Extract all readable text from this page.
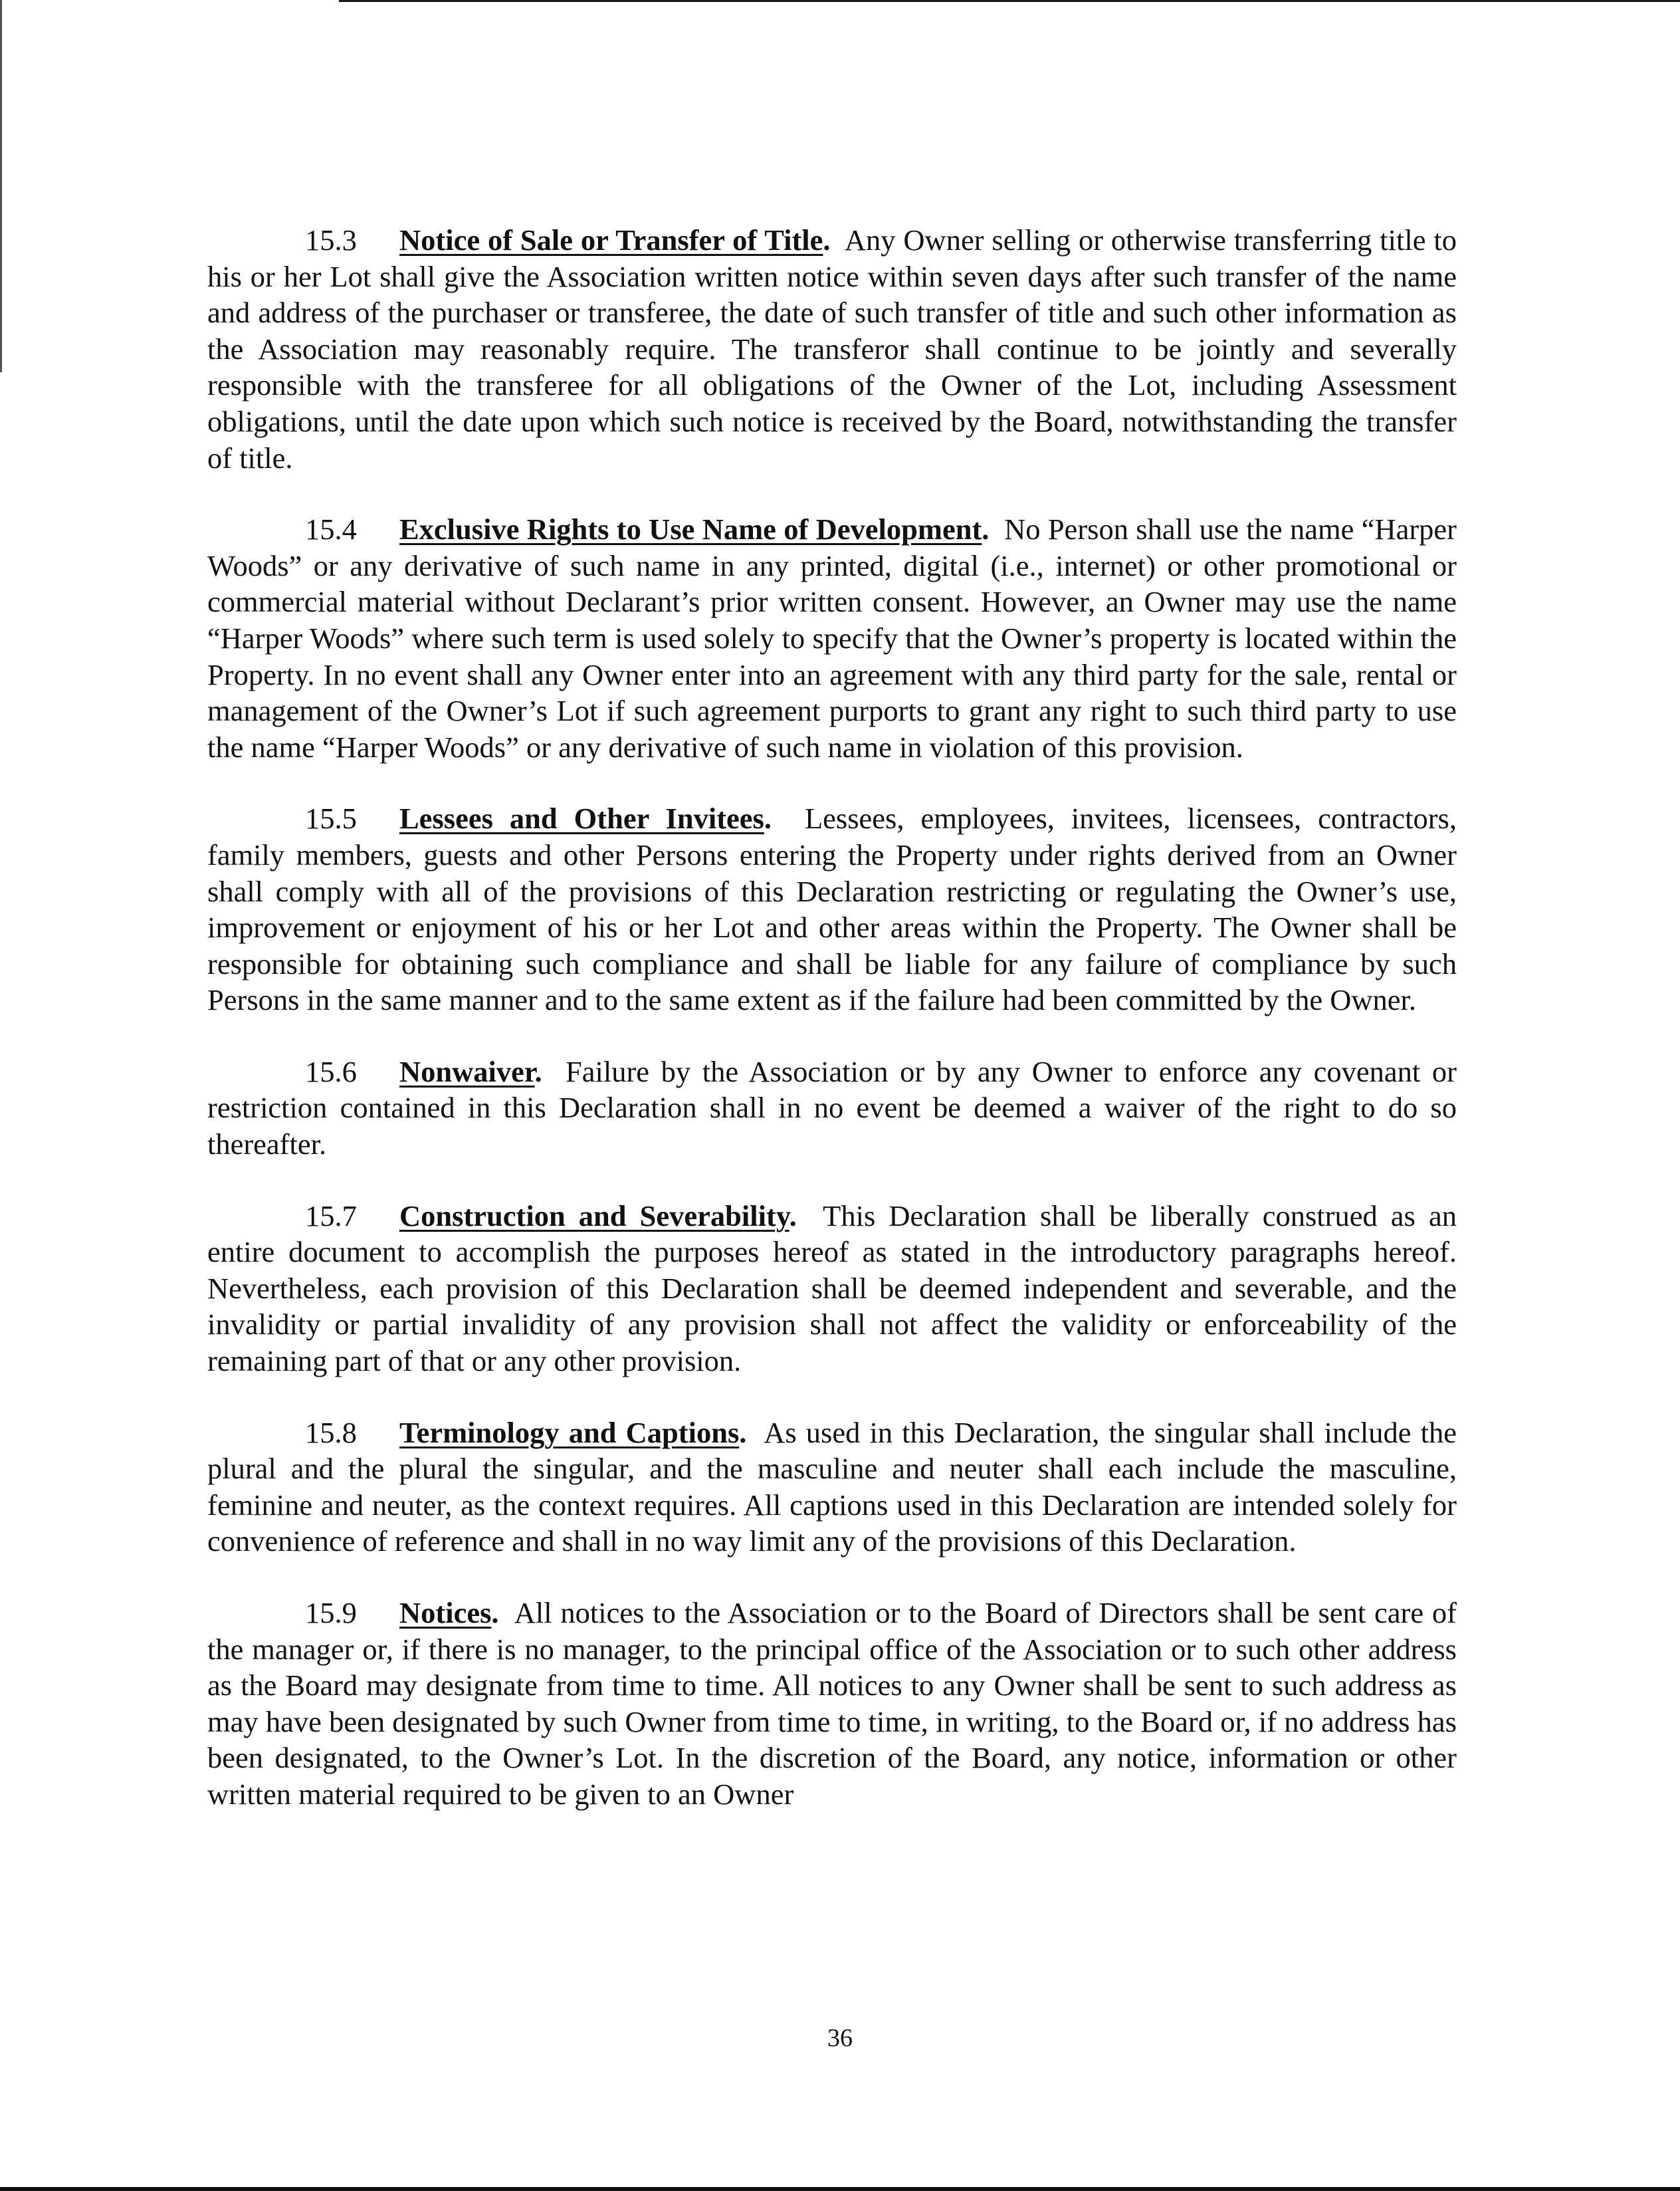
15.3 Notice of Sale or Transfer of Title. Any Owner selling or otherwise transferring title to his or her Lot shall give the Association written notice within seven days after such transfer of the name and address of the purchaser or transferee, the date of such transfer of title and such other information as the Association may reasonably require. The transferor shall continue to be jointly and severally responsible with the transferee for all obligations of the Owner of the Lot, including Assessment obligations, until the date upon which such notice is received by the Board, notwithstanding the transfer of title.

15.4 Exclusive Rights to Use Name of Development. No Person shall use the name “Harper Woods” or any derivative of such name in any printed, digital (i.e., internet) or other promotional or commercial material without Declarant’s prior written consent. However, an Owner may use the name “Harper Woods” where such term is used solely to specify that the Owner’s property is located within the Property. In no event shall any Owner enter into an agreement with any third party for the sale, rental or management of the Owner’s Lot if such agreement purports to grant any right to such third party to use the name “Harper Woods” or any derivative of such name in violation of this provision.

15.5 Lessees and Other Invitees. Lessees, employees, invitees, licensees, contractors, family members, guests and other Persons entering the Property under rights derived from an Owner shall comply with all of the provisions of this Declaration restricting or regulating the Owner’s use, improvement or enjoyment of his or her Lot and other areas within the Property. The Owner shall be responsible for obtaining such compliance and shall be liable for any failure of compliance by such Persons in the same manner and to the same extent as if the failure had been committed by the Owner.

15.6 Nonwaiver. Failure by the Association or by any Owner to enforce any covenant or restriction contained in this Declaration shall in no event be deemed a waiver of the right to do so thereafter.

15.7 Construction and Severability. This Declaration shall be liberally construed as an entire document to accomplish the purposes hereof as stated in the introductory paragraphs hereof. Nevertheless, each provision of this Declaration shall be deemed independent and severable, and the invalidity or partial invalidity of any provision shall not affect the validity or enforceability of the remaining part of that or any other provision.

15.8 Terminology and Captions. As used in this Declaration, the singular shall include the plural and the plural the singular, and the masculine and neuter shall each include the masculine, feminine and neuter, as the context requires. All captions used in this Declaration are intended solely for convenience of reference and shall in no way limit any of the provisions of this Declaration.

15.9 Notices. All notices to the Association or to the Board of Directors shall be sent care of the manager or, if there is no manager, to the principal office of the Association or to such other address as the Board may designate from time to time. All notices to any Owner shall be sent to such address as may have been designated by such Owner from time to time, in writing, to the Board or, if no address has been designated, to the Owner’s Lot. In the discretion of the Board, any notice, information or other written material required to be given to an Owner

36
